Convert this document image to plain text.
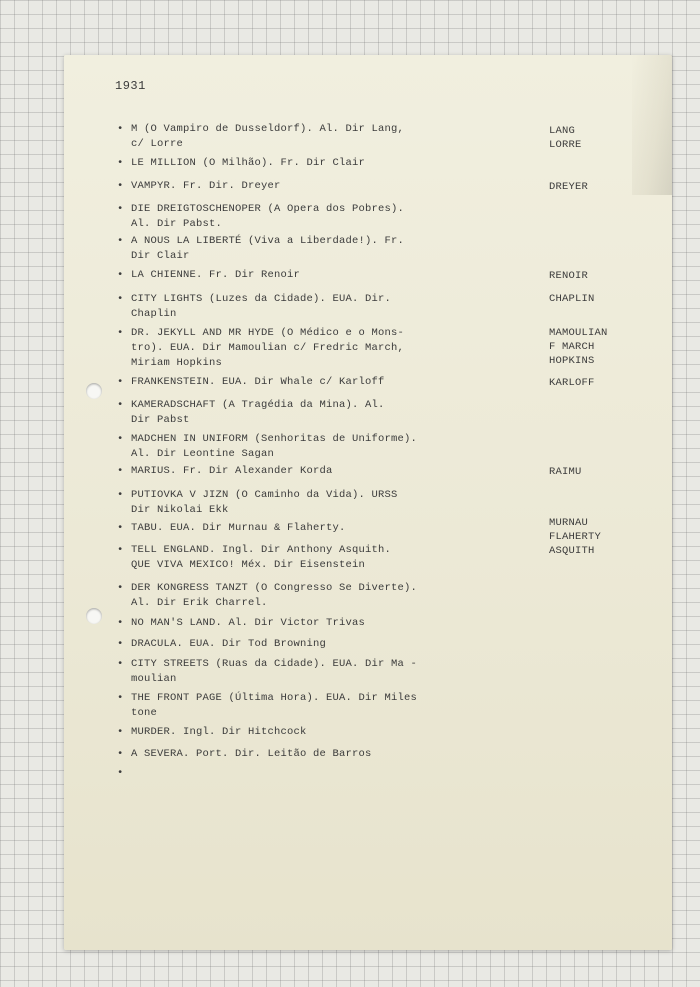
1931
• M (O Vampiro de Dusseldorf). Al. Dir Lang,
c/ Lorre
• LE MILLION (O Milhão). Fr. Dir Clair
• VAMPYR. Fr. Dir. Dreyer
• DIE DREIGTOSCHENOPER (A Opera dos Pobres).
Al. Dir Pabst.
• A NOUS LA LIBERTÉ (Viva a Liberdade!). Fr.
Dir Clair
• LA CHIENNE. Fr. Dir Renoir
• CITY LIGHTS (Luzes da Cidade). EUA. Dir.
Chaplin
• DR. JEKYLL AND MR HYDE (O Médico e o Mons-
tro). EUA. Dir Mamoulian c/ Fredric March,
Miriam Hopkins
• FRANKENSTEIN. EUA. Dir Whale c/ Karloff
• KAMERADSCHAFT (A Tragédia da Mina). Al.
Dir Pabst
• MADCHEN IN UNIFORM (Senhoritas de Uniforme).
Al. Dir Leontine Sagan
• MARIUS. Fr. Dir Alexander Korda
• PUTIOVKA V JIZN (O Caminho da Vida). URSS
Dir Nikolai Ekk
• TABU. EUA. Dir Murnau & Flaherty.
• TELL ENGLAND. Ingl. Dir Anthony Asquith.
QUE VIVA MEXICO! Méx. Dir Eisenstein
• DER KONGRESS TANZT (O Congresso Se Diverte).
Al. Dir Erik Charrel.
• NO MAN'S LAND. Al. Dir Victor Trivas
• DRACULA. EUA. Dir Tod Browning
• CITY STREETS (Ruas da Cidade). EUA. Dir Ma -
moulian
• THE FRONT PAGE (Última Hora). EUA. Dir Miles
tone
• MURDER. Ingl. Dir Hitchcock
• A SEVERA. Port. Dir. Leitão de Barros
•
LANG
LORRE
DREYER
RENOIR
CHAPLIN
MAMOULIAN
F MARCH
HOPKINS
KARLOFF
RAIMU
MURNAU
FLAHERTY
ASQUITH
